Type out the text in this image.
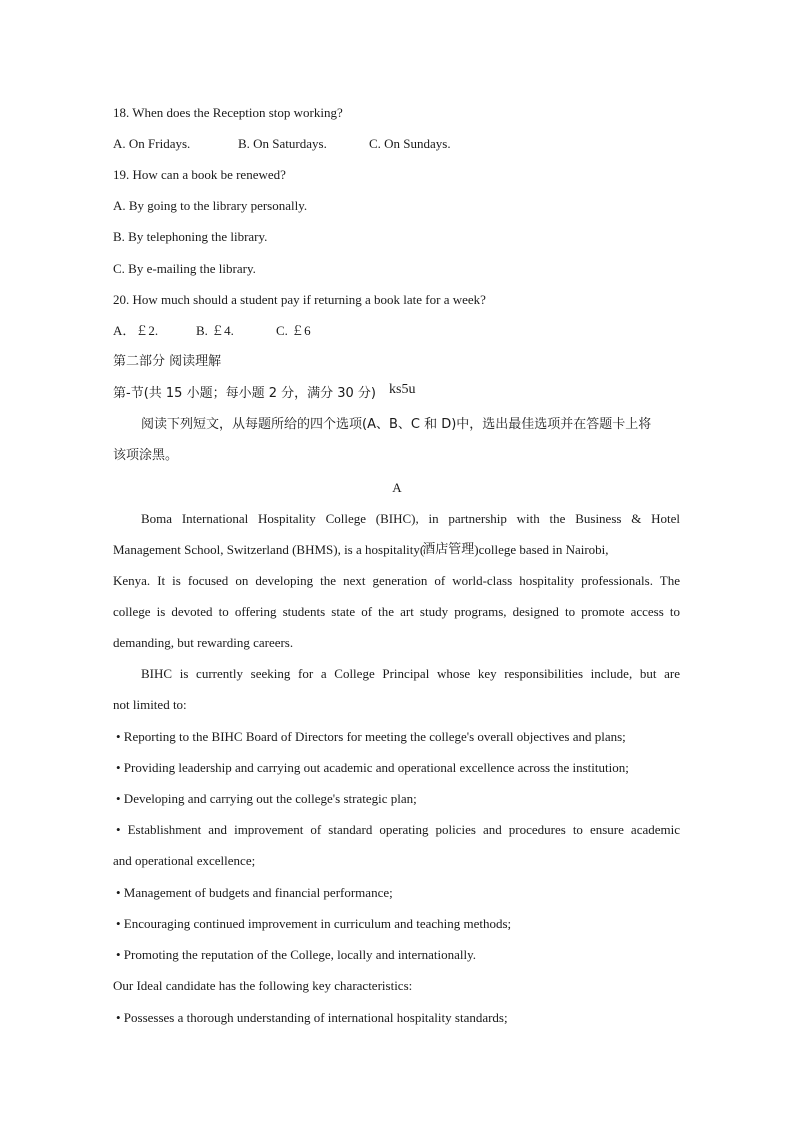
18. When does the Reception stop working?
A. On Fridays.	B. On Saturdays.	C. On Sundays.
19. How can a book be renewed?
A. By going to the library personally.
B. By telephoning the library.
C. By e-mailing the library.
20. How much should a student pay if returning a book late for a week?
A．￡2.	B. ￡4.	C. ￡6
第二部分 阅读理解
第-节(共 15 小题；每小题 2 分，满分 30 分) ks5u
阅读下列短文，从每题所给的四个选项(A、B、C 和 D)中，选出最佳选项并在答题卡上将
该项涂黑。
A
Boma International Hospitality College (BIHC), in partnership with the Business & Hotel
Management School, Switzerland (BHMS), is a hospitality(
酒店管理 )college based in Nairobi,
Kenya. It is focused on developing the next generation of world-class hospitality professionals. The
college is devoted to offering students state of the art study programs, designed to promote access to
demanding, but rewarding careers.
BIHC is currently seeking for a College Principal whose key responsibilities include, but are
not limited to:
• Reporting to the BIHC Board of Directors for meeting the college's overall objectives and plans;
• Providing leadership and carrying out academic and operational excellence across the institution;
• Developing and carrying out the college's strategic plan;
• Establishment and improvement of standard operating policies and procedures to ensure academic
and operational excellence;
• Management of budgets and financial performance;
• Encouraging continued improvement in curriculum and teaching methods;
• Promoting the reputation of the College, locally and internationally.
Our Ideal candidate has the following key characteristics:
• Possesses a thorough understanding of international hospitality standards;
